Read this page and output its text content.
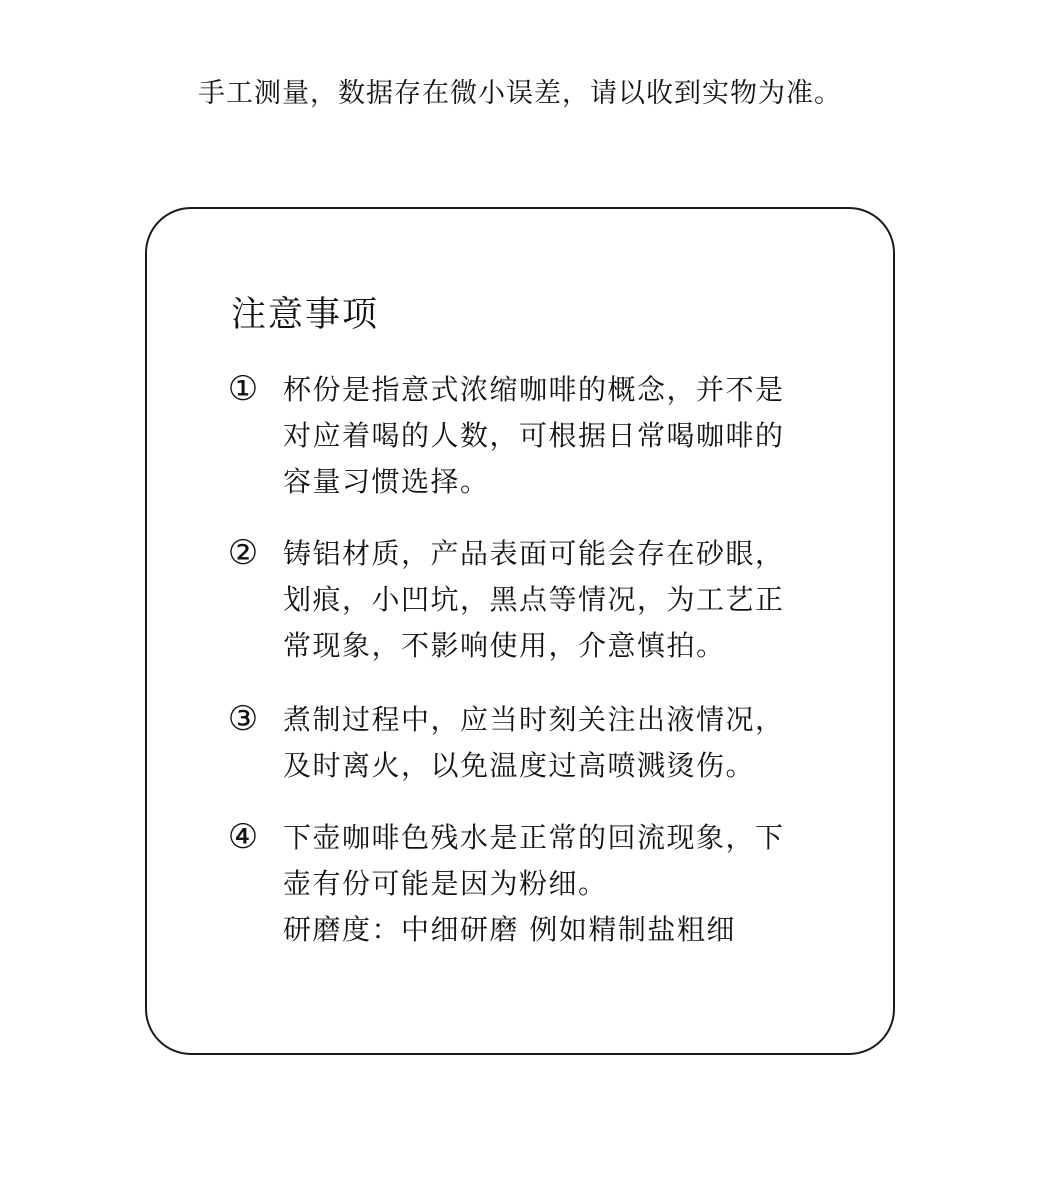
手工测量，数据存在微小误差，请以收到实物为准。
注意事项
① 杯份是指意式浓缩咖啡的概念，并不是
对应着喝的人数，可根据日常喝咖啡的
容量习惯选择。
② 铸铝材质，产品表面可能会存在砂眼，
划痕，小凹坑，黑点等情况，为工艺正
常现象，不影响使用，介意慎拍。
③ 煮制过程中，应当时刻关注出液情况，
及时离火，以免温度过高喷溅烫伤。
④ 下壶咖啡色残水是正常的回流现象，下
壶有份可能是因为粉细。
研磨度：中细研磨 例如精制盐粗细
